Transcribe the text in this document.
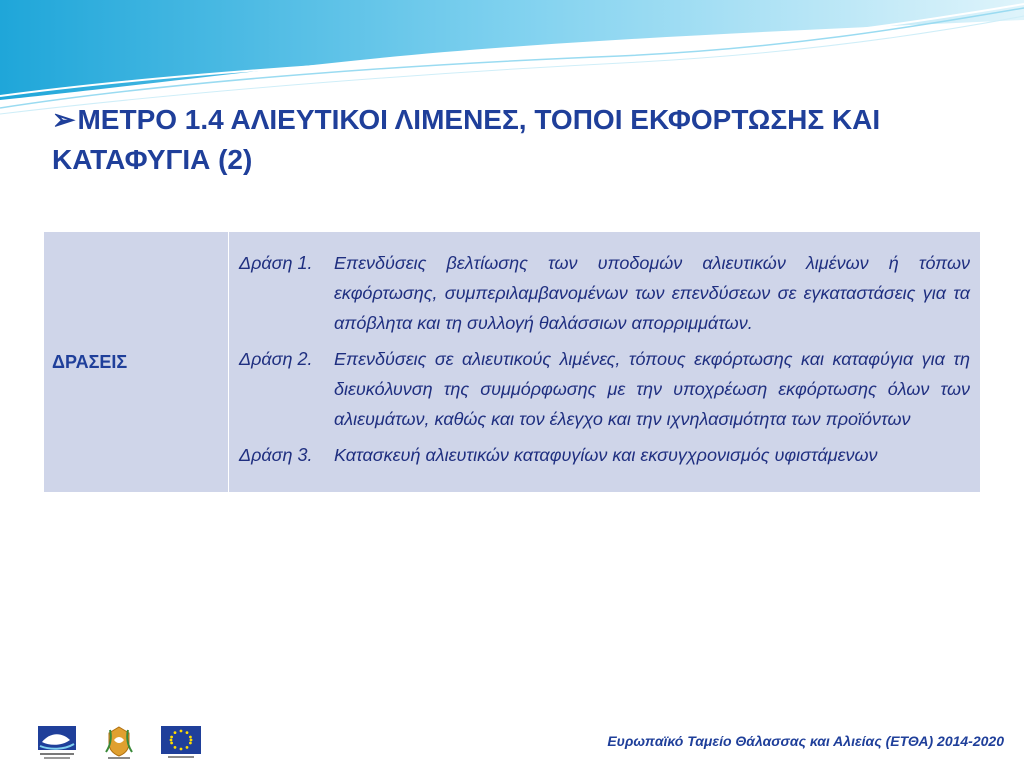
➢ΜΕΤΡΟ 1.4 ΑΛΙΕΥΤΙΚΟΙ ΛΙΜΕΝΕΣ, ΤΟΠΟΙ ΕΚΦΟΡΤΩΣΗΣ ΚΑΙ ΚΑΤΑΦΥΓΙΑ (2)
ΔΡΑΣΕΙΣ	
Δράση 1.	Επενδύσεις βελτίωσης των υποδομών αλιευτικών λιμένων ή τόπων εκφόρτωσης, συμπεριλαμβανομένων των επενδύσεων σε εγκαταστάσεις για τα απόβλητα και τη συλλογή θαλάσσιων απορριμμάτων.
Δράση 2.	Επενδύσεις σε αλιευτικούς λιμένες, τόπους εκφόρτωσης και καταφύγια για τη διευκόλυνση της συμμόρφωσης με την υποχρέωση εκφόρτωσης όλων των αλιευμάτων, καθώς και τον έλεγχο και την ιχνηλασιμότητα των προϊόντων
Δράση 3.	Κατασκευή αλιευτικών καταφυγίων και εκσυγχρονισμός υφιστάμενων
Ευρωπαϊκό Ταμείο Θάλασσας και Αλιείας (ΕΤΘΑ) 2014-2020
